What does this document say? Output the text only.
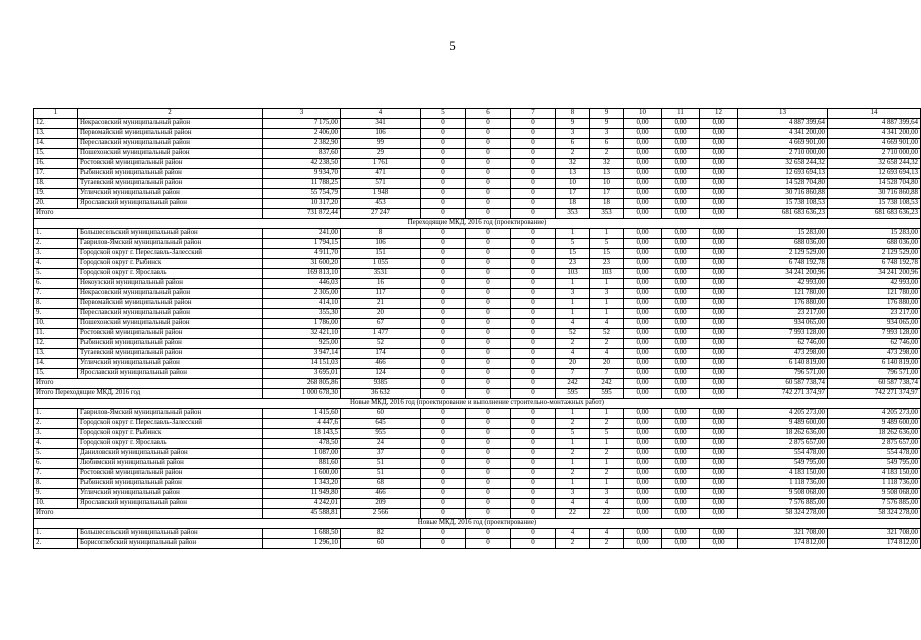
5
1	2	3	4	5	6	7	8	9	10	11	12	13	14
12.	Некрасовский муниципальный район	7 175,00	341	0	0	0	9	9	0,00	0,00	0,00	4 887 399,64	4 887 399,64
13.	Первомайский муниципальный район	2 406,00	106	0	0	0	3	3	0,00	0,00	0,00	4 341 200,00	4 341 200,00
14.	Переславский муниципальный район	2 382,90	99	0	0	0	6	6	0,00	0,00	0,00	4 669 901,00	4 669 901,00
15.	Пошехонский муниципальный район	837,60	29	0	0	0	2	2	0,00	0,00	0,00	2 710 000,00	2 710 000,00
16.	Ростовский муниципальный район	42 238,50	1 761	0	0	0	32	32	0,00	0,00	0,00	32 658 244,32	32 658 244,32
17.	Рыбинский муниципальный район	9 934,70	471	0	0	0	13	13	0,00	0,00	0,00	12 693 694,13	12 693 694,13
18.	Тутаевский муниципальный район	11 788,25	571	0	0	0	10	10	0,00	0,00	0,00	14 528 704,80	14 528 704,80
19.	Угличский муниципальный район	55 754,79	1 948	0	0	0	17	17	0,00	0,00	0,00	30 716 860,88	30 716 860,88
20.	Ярославский муниципальный район	10 317,20	453	0	0	0	18	18	0,00	0,00	0,00	15 738 108,53	15 738 108,53
Итого		731 872,44	27 247	0	0	0	353	353	0,00	0,00	0,00	681 683 636,23	681 683 636,23
Переходящие МКД, 2016 год (проектирование)													
1.	Большесельский муниципальный район	241,00	8	0	0	0	1	1	0,00	0,00	0,00	15 283,00	15 283,00
2.	Гаврилов-Ямский муниципальный район	1 794,15	106	0	0	0	5	5	0,00	0,00	0,00	688 036,00	688 036,00
3.	Городской округ г. Переславль-Залесский	4 911,70	151	0	0	0	15	15	0,00	0,00	0,00	2 129 529,00	2 129 529,00
4.	Городской округ г. Рыбинск	31 600,20	1 055	0	0	0	23	23	0,00	0,00	0,00	6 748 192,78	6 748 192,78
5.	Городской округ г. Ярославль	169 813,10	3531	0	0	0	103	103	0,00	0,00	0,00	34 241 200,96	34 241 200,96
6.	Некоузский муниципальный район	446,03	16	0	0	0	1	1	0,00	0,00	0,00	42 993,00	42 993,00
7.	Некрасовский муниципальный район	2 305,00	117	0	0	0	3	3	0,00	0,00	0,00	121 780,00	121 780,00
8.	Первомайский муниципальный район	414,10	21	0	0	0	1	1	0,00	0,00	0,00	176 880,00	176 880,00
9.	Переславский муниципальный район	355,30	20	0	0	0	1	1	0,00	0,00	0,00	23 217,00	23 217,00
10.	Пошехонский муниципальный район	1 786,00	67	0	0	0	4	4	0,00	0,00	0,00	934 065,00	934 065,00
11.	Ростовский муниципальный район	32 421,10	1 477	0	0	0	52	52	0,00	0,00	0,00	7 993 128,00	7 993 128,00
12.	Рыбинский муниципальный район	925,00	52	0	0	0	2	2	0,00	0,00	0,00	62 746,00	62 746,00
13.	Тутаевский муниципальный район	3 947,14	174	0	0	0	4	4	0,00	0,00	0,00	473 298,00	473 298,00
14.	Угличский муниципальный район	14 151,03	466	0	0	0	20	20	0,00	0,00	0,00	6 140 819,00	6 140 819,00
15.	Ярославский муниципальный район	3 695,01	124	0	0	0	7	7	0,00	0,00	0,00	796 571,00	796 571,00
Итого		268 805,86	9385	0	0	0	242	242	0,00	0,00	0,00	60 587 738,74	60 587 738,74
Итого Переходящие МКД, 2016 год		1 000 678,30	36 632	0	0	0	595	595	0,00	0,00	0,00	742 271 374,97	742 271 374,97
Новые МКД, 2016 год (проектирование и выполнение строительно-монтажных работ)													
1.	Гаврилов-Ямский муниципальный район	1 415,60	60	0	0	0	1	1	0,00	0,00	0,00	4 205 273,00	4 205 273,00
2.	Городской округ г. Переславль-Залесский	4 447,6	645	0	0	0	2	2	0,00	0,00	0,00	9 489 600,00	9 489 600,00
3.	Городской округ г. Рыбинск	18 143,5	955	0	0	0	5	5	0,00	0,00	0,00	18 262 636,00	18 262 636,00
4.	Городской округ г. Ярославль	478,50	24	0	0	0	1	1	0,00	0,00	0,00	2 875 657,00	2 875 657,00
5.	Даниловский муниципальный район	1 087,00	37	0	0	0	2	2	0,00	0,00	0,00	554 478,00	554 478,00
6.	Любимский муниципальный район	881,60	51	0	0	0	1	1	0,00	0,00	0,00	549 795,00	549 795,00
7.	Ростовский муниципальный район	1 600,00	51	0	0	0	2	2	0,00	0,00	0,00	4 183 150,00	4 183 150,00
8.	Рыбинский муниципальный район	1 343,20	68	0	0	0	1	1	0,00	0,00	0,00	1 118 736,00	1 118 736,00
9.	Угличский муниципальный район	11 949,80	466	0	0	0	3	3	0,00	0,00	0,00	9 508 068,00	9 508 068,00
10.	Ярославский муниципальный район	4 242,01	209	0	0	0	4	4	0,00	0,00	0,00	7 576 885,00	7 576 885,00
Итого		45 588,81	2 566	0	0	0	22	22	0,00	0,00	0,00	58 324 278,00	58 324 278,00
Новые МКД, 2016 год (проектирование)													
1.	Большесельский муниципальный район	1 688,50	82	0	0	0	4	4	0,00	0,00	0,00	321 708,00	321 708,00
2.	Борисоглебский муниципальный район	1 296,10	60	0	0	0	2	2	0,00	0,00	0,00	174 812,00	174 812,00
